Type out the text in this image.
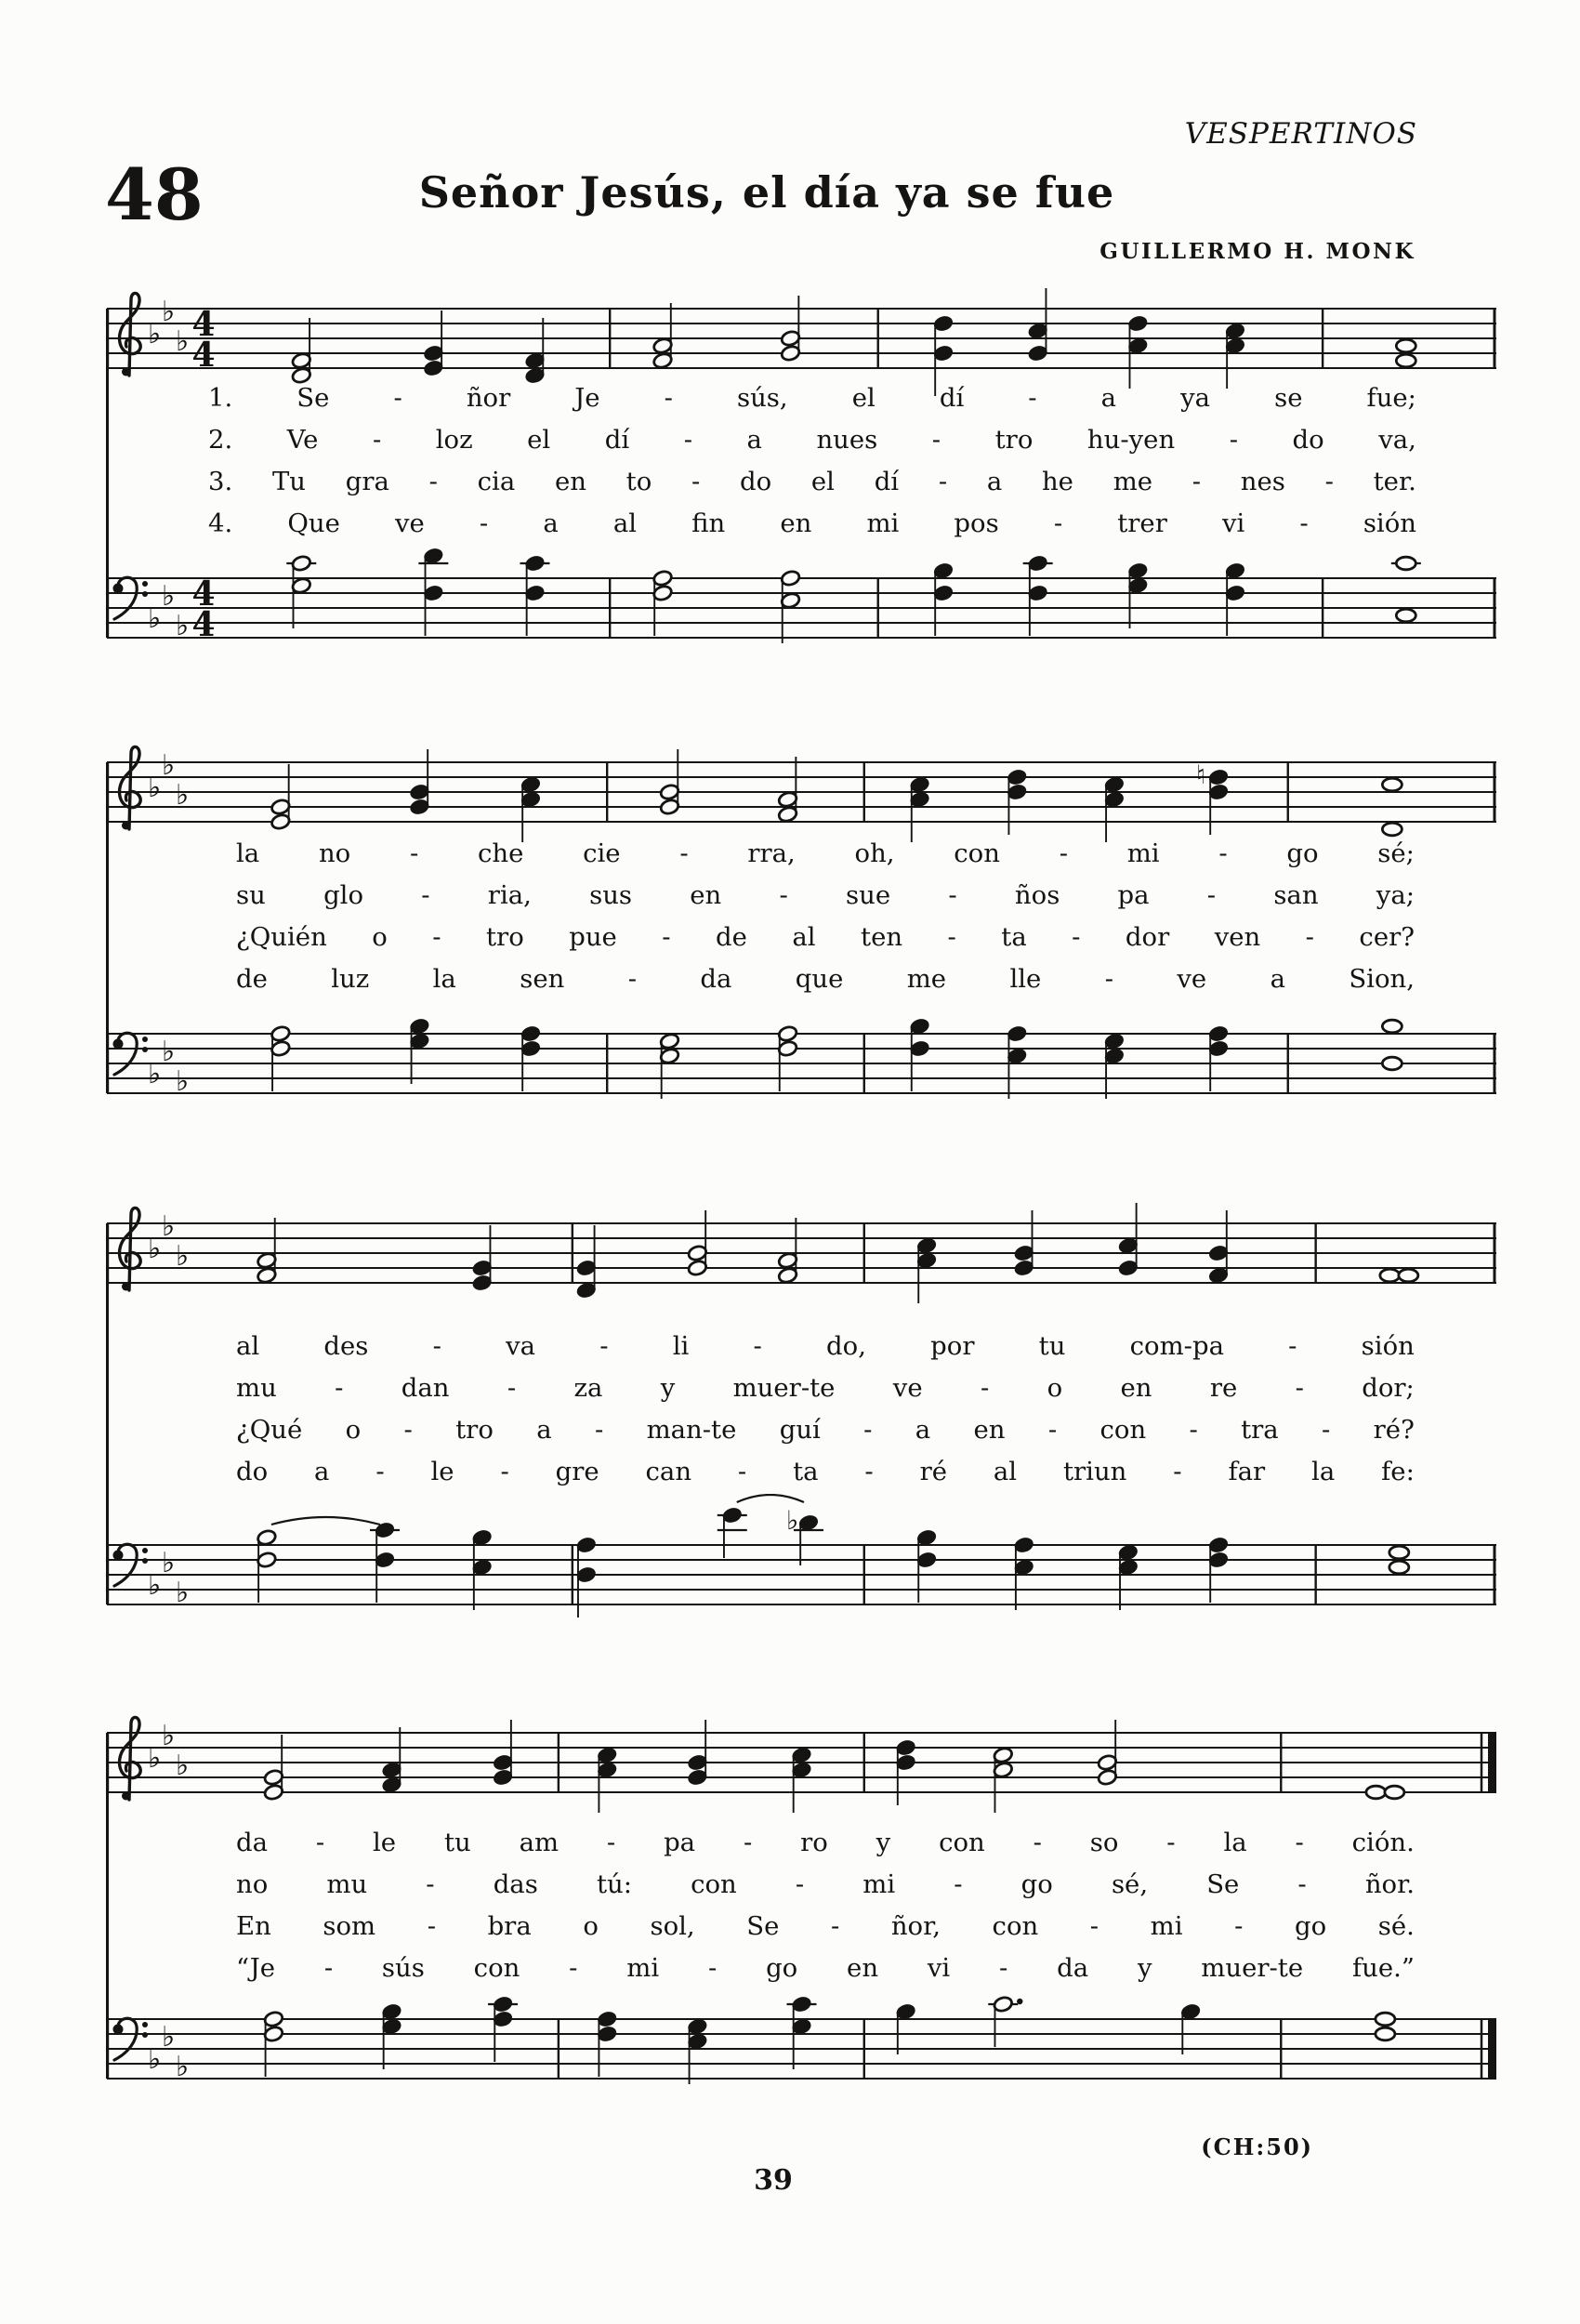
VESPERTINOS
48	Señor Jesús, el día ya se fue
GUILLERMO H. MONK
♭
♭
♭ 4
4
1.	Se	-	ñor	Je	-	sús,	el	dí	-	a	ya	se	fue;
2. Ve - loz el dí - a nues - tro hu-yen - do va,
3. Tu gra - cia en to - do el dí - a he me - nes - ter.
4. Que ve - a al fin en mi pos - trer vi - sión
♭
♭
♭
4
4
♭
♭
♭
♮
la no - che cie - rra, oh, con - mi - go sé;
su glo - ria, sus en - sue - ños pa - san ya;
¿Quién o - tro pue - de al ten - ta - dor ven - cer?
de luz la sen - da que me lle - ve a Sion,
♭
♭
♭
♭
♭
♭
al	des	-	va	-	li	-	do,	por	tu	com-pa	-	sión
mu - dan - za y muer-te ve - o en re - dor;
¿Qué o - tro a - man-te guí - a en - con - tra - ré?
do a - le - gre can - ta - ré al triun - far la fe:
♭
♭
♭
♭
♭
♭
♭
da - le tu am - pa - ro y con - so - la - ción.
no mu - das tú: con - mi - go sé, Se - ñor.
En som - bra o sol, Se - ñor, con - mi - go sé.
“Je - sús con - mi - go en vi - da y muer-te fue.”
♭
♭
♭
(CH:50)
39
